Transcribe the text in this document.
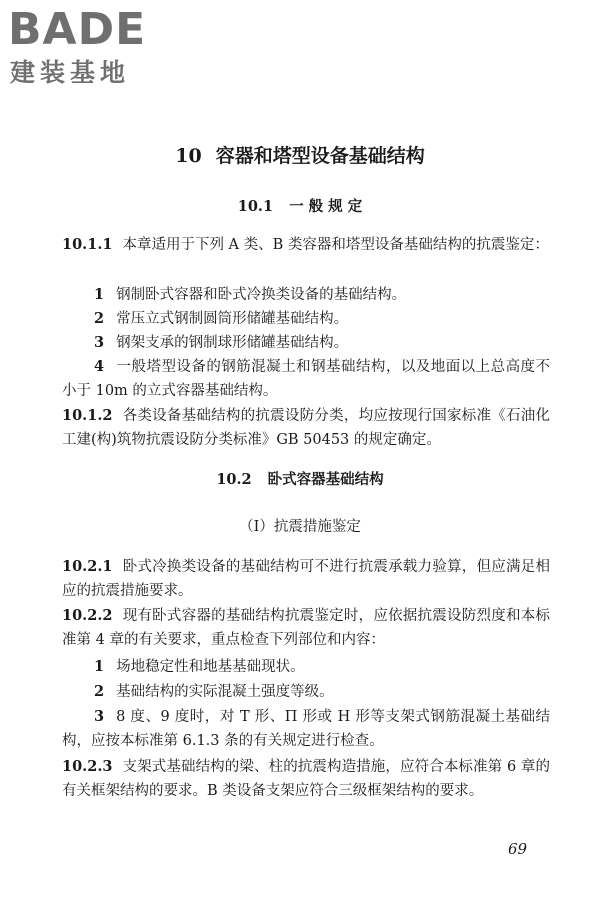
BADE
建装基地
10 容器和塔型设备基础结构
10.1 一 般 规 定
10.1.1 本章适用于下列 A 类、B 类容器和塔型设备基础结构的抗震鉴定：
1 钢制卧式容器和卧式冷换类设备的基础结构。
2 常压立式钢制圆筒形储罐基础结构。
3 钢架支承的钢制球形储罐基础结构。
4 一般塔型设备的钢筋混凝土和钢基础结构，以及地面以上总高度不小于 10m 的立式容器基础结构。
10.1.2 各类设备基础结构的抗震设防分类，均应按现行国家标准《石油化工建(构)筑物抗震设防分类标准》GB 50453 的规定确定。
10.2 卧式容器基础结构
（Ⅰ）抗震措施鉴定
10.2.1 卧式冷换类设备的基础结构可不进行抗震承载力验算，但应满足相应的抗震措施要求。
10.2.2 现有卧式容器的基础结构抗震鉴定时，应依据抗震设防烈度和本标准第 4 章的有关要求，重点检查下列部位和内容：
1 场地稳定性和地基基础现状。
2 基础结构的实际混凝土强度等级。
3 8 度、9 度时，对 T 形、Π 形或 H 形等支架式钢筋混凝土基础结构，应按本标准第 6.1.3 条的有关规定进行检查。
10.2.3 支架式基础结构的梁、柱的抗震构造措施，应符合本标准第 6 章的有关框架结构的要求。B 类设备支架应符合三级框架结构的要求。
69
